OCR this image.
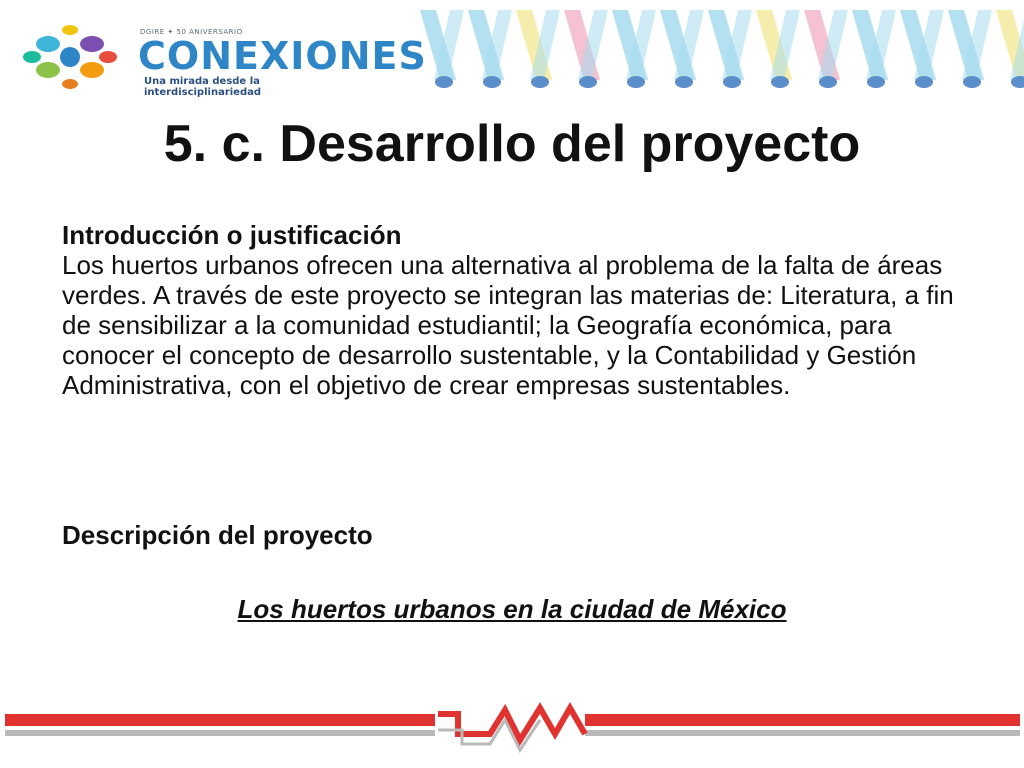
DGIRE ✦ 50 ANIVERSARIO
CONEXIONES
Una mirada desde la interdisciplinariedad
5. c. Desarrollo del proyecto
Introducción o justificación

Los huertos urbanos ofrecen una alternativa al problema de la falta de áreas verdes. A través de este proyecto se integran las materias de: Literatura, a fin de sensibilizar a la comunidad estudiantil; la Geografía económica, para conocer el concepto de desarrollo sustentable, y la Contabilidad y Gestión Administrativa, con el objetivo de crear empresas sustentables.

Descripción del proyecto
Los huertos urbanos en la ciudad de México
